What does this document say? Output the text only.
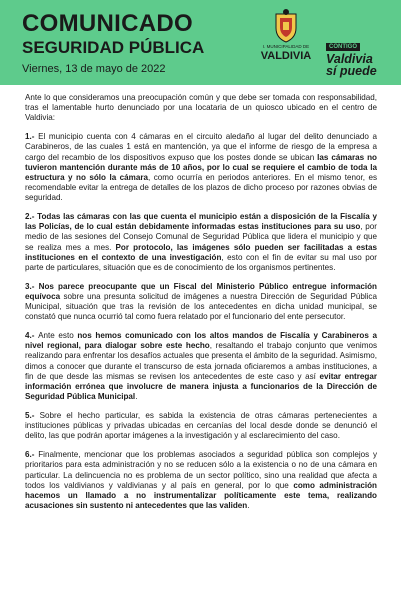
COMUNICADO
SEGURIDAD PÚBLICA
Viernes, 13 de mayo de 2022
I. MUNICIPALIDAD DE
VALDIVIA
CONTIGO
Valdivia
sí puede

Ante lo que consideramos una preocupación común y que debe ser tomada con responsabilidad, tras el lamentable hurto denunciado por una locataria de un quiosco ubicado en el centro de Valdivia:

1.- El municipio cuenta con 4 cámaras en el circuito aledaño al lugar del delito denunciado a Carabineros, de las cuales 1 está en mantención, ya que el informe de riesgo de la empresa a cargo del recambio de los dispositivos expuso que los postes donde se ubican las cámaras no tuvieron mantención durante más de 10 años, por lo cual se requiere el cambio de toda la estructura y no sólo la cámara, como ocurría en periodos anteriores. En el mismo tenor, es recomendable evitar la entrega de detalles de los plazos de dicho proceso por razones obvias de seguridad.

2.- Todas las cámaras con las que cuenta el municipio están a disposición de la Fiscalía y las Policías, de lo cual están debidamente informadas estas instituciones para su uso, por medio de las sesiones del Consejo Comunal de Seguridad Pública que lidera el municipio y que se realiza mes a mes. Por protocolo, las imágenes sólo pueden ser facilitadas a estas instituciones en el contexto de una investigación, esto con el fin de evitar su mal uso por parte de particulares, situación que es de conocimiento de los organismos pertinentes.

3.- Nos parece preocupante que un Fiscal del Ministerio Público entregue información equívoca sobre una presunta solicitud de imágenes a nuestra Dirección de Seguridad Pública Municipal, situación que tras la revisión de los antecedentes en dicha unidad municipal, se constató que nunca ocurrió tal como fuera relatado por el funcionario del ente persecutor.

4.- Ante esto nos hemos comunicado con los altos mandos de Fiscalía y Carabineros a nivel regional, para dialogar sobre este hecho, resaltando el trabajo conjunto que venimos realizando para enfrentar los desafíos actuales que presenta el ámbito de la seguridad. Asimismo, dimos a conocer que durante el transcurso de esta jornada oficiaremos a ambas instituciones, a fin de que desde las mismas se revisen los antecedentes de este caso y así evitar entregar información errónea que involucre de manera injusta a funcionarios de la Dirección de Seguridad Pública Municipal.

5.- Sobre el hecho particular, es sabida la existencia de otras cámaras pertenecientes a instituciones públicas y privadas ubicadas en cercanías del local desde donde se denunció el delito, las que podrán aportar imágenes a la investigación y al esclarecimiento del caso.

6.- Finalmente, mencionar que los problemas asociados a seguridad pública son complejos y prioritarios para esta administración y no se reducen sólo a la existencia o no de una cámara en particular. La delincuencia no es problema de un sector político, sino una realidad que afecta a todos los valdivianos y valdivianas y al país en general, por lo que como administración hacemos un llamado a no instrumentalizar políticamente este tema, realizando acusaciones sin sustento ni antecedentes que las validen.
